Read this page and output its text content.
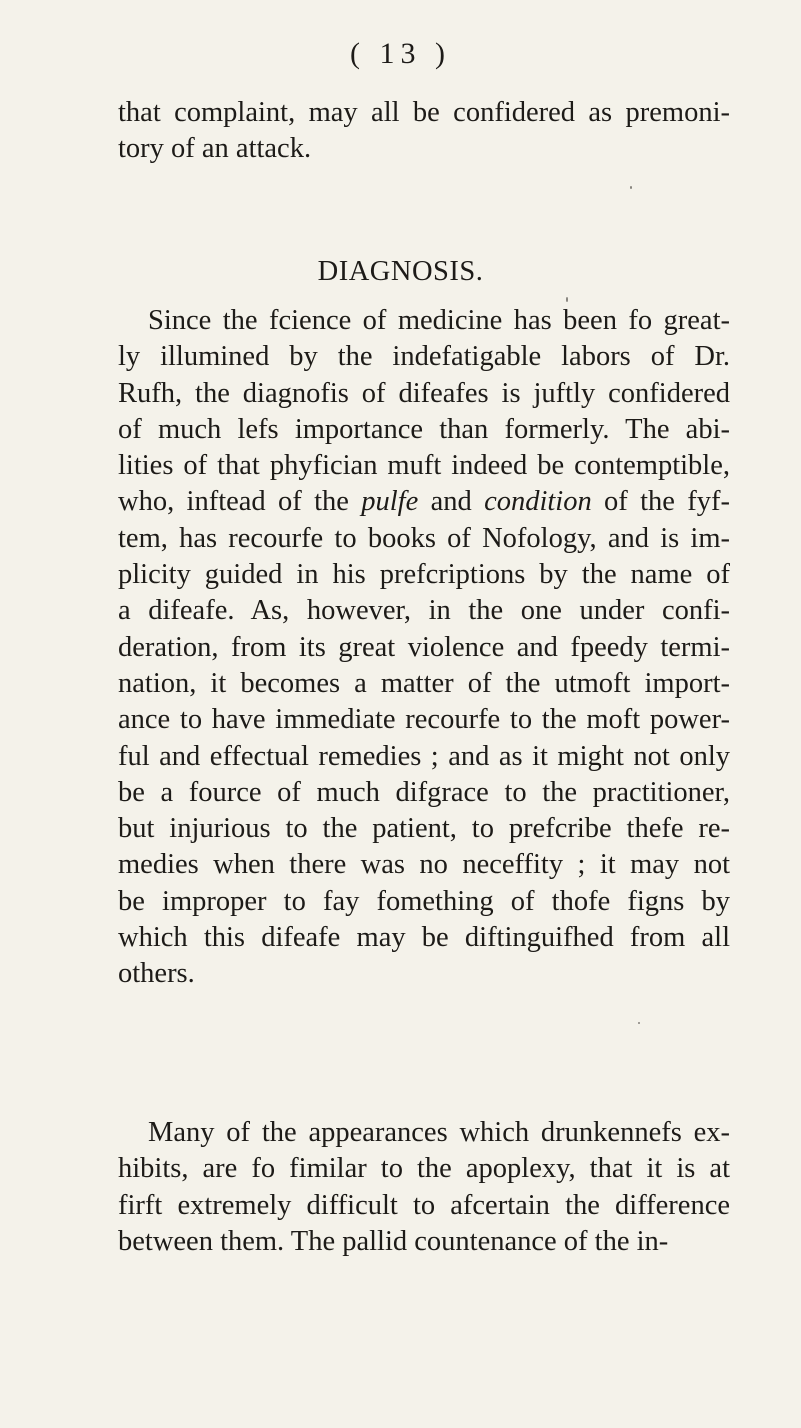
( 13 )
that complaint, may all be confidered as premoni-
tory of an attack.
DIAGNOSIS.
Since the fcience of medicine has been fo great-
ly illumined by the indefatigable labors of Dr.
Rufh, the diagnofis of difeafes is juftly confidered
of much lefs importance than formerly. The abi-
lities of that phyfician muft indeed be contemptible,
who, inftead of the pulfe and condition of the fyf-
tem, has recourfe to books of Nofology, and is im-
plicity guided in his prefcriptions by the name of
a difeafe. As, however, in the one under confi-
deration, from its great violence and fpeedy termi-
nation, it becomes a matter of the utmoft import-
ance to have immediate recourfe to the moft power-
ful and effectual remedies ; and as it might not only
be a fource of much difgrace to the practitioner,
but injurious to the patient, to prefcribe thefe re-
medies when there was no neceffity ; it may not
be improper to fay fomething of thofe figns by
which this difeafe may be diftinguifhed from all
others.
Many of the appearances which drunkennefs ex-
hibits, are fo fimilar to the apoplexy, that it is at
firft extremely difficult to afcertain the difference
between them. The pallid countenance of the in-
